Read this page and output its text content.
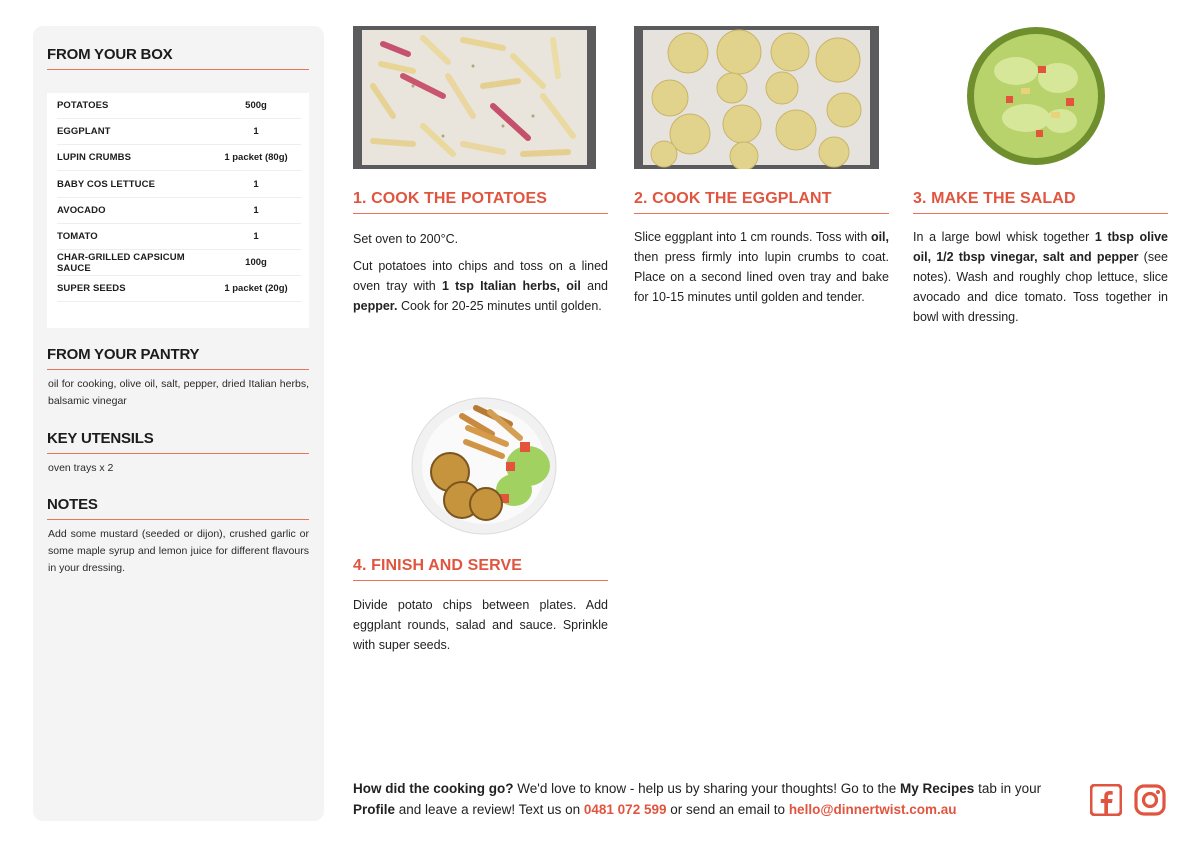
FROM YOUR BOX
POTATOES	500g
EGGPLANT	1
LUPIN CRUMBS	1 packet (80g)
BABY COS LETTUCE	1
AVOCADO	1
TOMATO	1
CHAR-GRILLED CAPSICUM SAUCE	100g
SUPER SEEDS	1 packet (20g)
FROM YOUR PANTRY
oil for cooking, olive oil, salt, pepper, dried Italian herbs, balsamic vinegar
KEY UTENSILS
oven trays x 2
NOTES
Add some mustard (seeded or dijon), crushed garlic or some maple syrup and lemon juice for different flavours in your dressing.
1. COOK THE POTATOES

Set oven to 200°C.

Cut potatoes into chips and toss on a lined oven tray with 1 tsp Italian herbs, oil and pepper. Cook for 20-25 minutes until golden.

2. COOK THE EGGPLANT

Slice eggplant into 1 cm rounds. Toss with oil, then press firmly into lupin crumbs to coat. Place on a second lined oven tray and bake for 10-15 minutes until golden and tender.

3. MAKE THE SALAD

In a large bowl whisk together 1 tbsp olive oil, 1/2 tbsp vinegar, salt and pepper (see notes). Wash and roughly chop lettuce, slice avocado and dice tomato. Toss together in bowl with dressing.

4. FINISH AND SERVE

Divide potato chips between plates. Add eggplant rounds, salad and sauce. Sprinkle with super seeds.

How did the cooking go? We'd love to know - help us by sharing your thoughts! Go to the My Recipes tab in your Profile and leave a review! Text us on 0481 072 599 or send an email to hello@dinnertwist.com.au
